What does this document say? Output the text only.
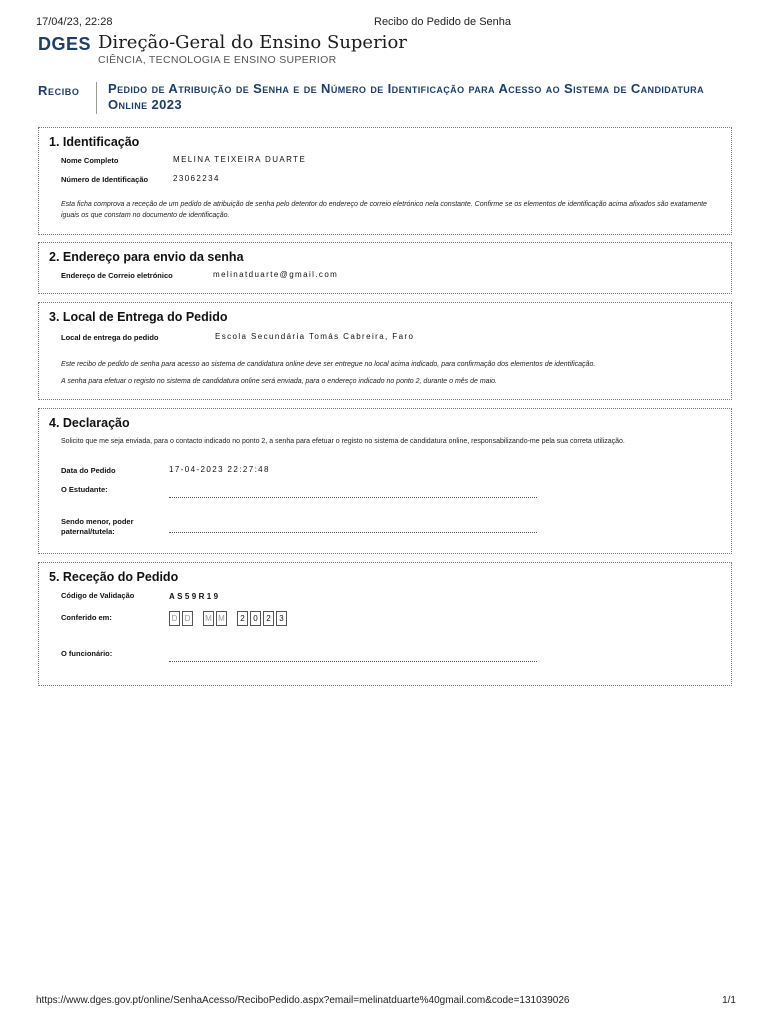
17/04/23, 22:28	Recibo do Pedido de Senha
DGES Direção-Geral do Ensino Superior
CIÊNCIA, TECNOLOGIA E ENSINO SUPERIOR
Recibo Pedido de Atribuição de Senha e de Número de Identificação para Acesso ao Sistema de Candidatura Online 2023
1. Identificação
Nome Completo	MELINA TEIXEIRA DUARTE
Número de Identificação	23062234
Esta ficha comprova a receção de um pedido de atribuição de senha pelo detentor do endereço de correio eletrónico nela constante. Confirme se os elementos de identificação acima afixados são exatamente iguais os que constam no documento de identificação.
2. Endereço para envio da senha
Endereço de Correio eletrónico	melinatduarte@gmail.com
3. Local de Entrega do Pedido
Local de entrega do pedido	Escola Secundária Tomás Cabreira, Faro
Este recibo de pedido de senha para acesso ao sistema de candidatura online deve ser entregue no local acima indicado, para confirmação dos elementos de identificação.
A senha para efetuar o registo no sistema de candidatura online será enviada, para o endereço indicado no ponto 2, durante o mês de maio.
4. Declaração
Solicito que me seja enviada, para o contacto indicado no ponto 2, a senha para efetuar o registo no sistema de candidatura online, responsabilizando-me pela sua correta utilização.
Data do Pedido	17-04-2023 22:27:48
O Estudante:
Sendo menor, poder
paternal/tutela:
5. Receção do Pedido
Código de Validação	AS59R19
Conferido em:	D D	M M	2	0	2	3
O funcionário:
https://www.dges.gov.pt/online/SenhaAcesso/ReciboPedido.aspx?email=melinatduarte%40gmail.com&code=131039026	1/1
